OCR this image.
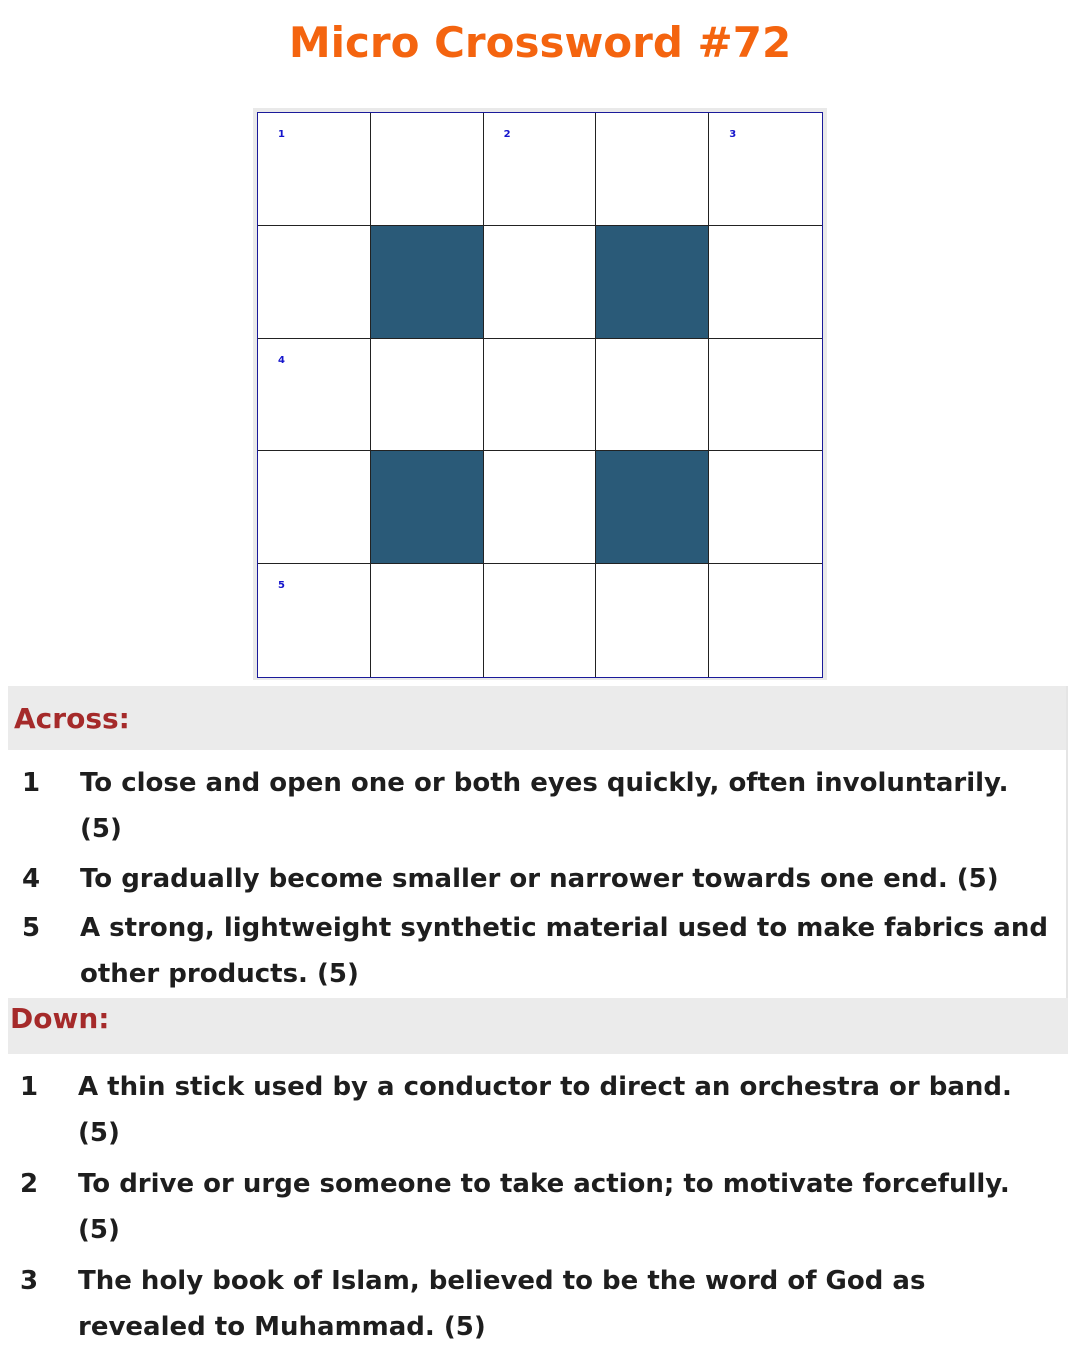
Micro Crossword #72
1	2	3
4
5
Across:
1 To close and open one or both eyes quickly, often involuntarily. (5)

4 To gradually become smaller or narrower towards one end. (5)

5 A strong, lightweight synthetic material used to make fabrics and other products. (5)

Down:
1 A thin stick used by a conductor to direct an orchestra or band. (5)

2 To drive or urge someone to take action; to motivate forcefully. (5)

3 The holy book of Islam, believed to be the word of God as revealed to Muhammad. (5)
